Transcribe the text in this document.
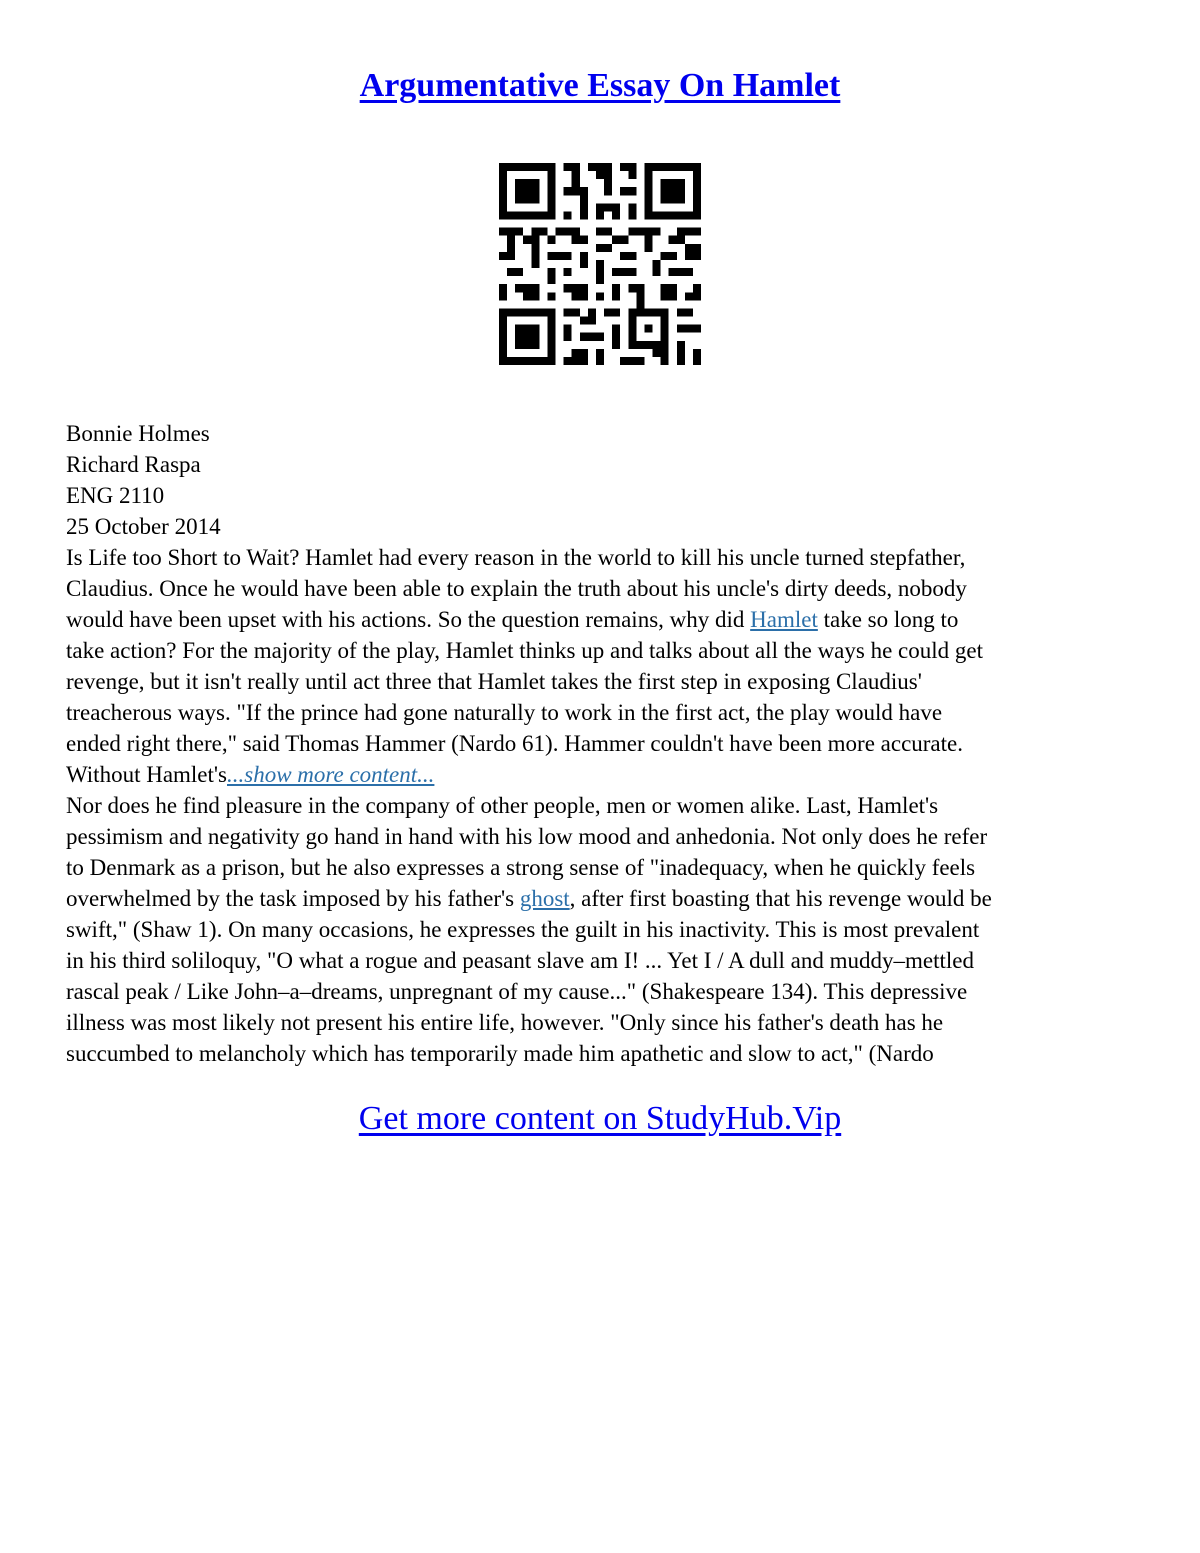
Argumentative Essay On Hamlet
Bonnie Holmes
Richard Raspa
ENG 2110
25 October 2014
Is Life too Short to Wait? Hamlet had every reason in the world to kill his uncle turned stepfather,
Claudius. Once he would have been able to explain the truth about his uncle's dirty deeds, nobody
would have been upset with his actions. So the question remains, why did Hamlet take so long to
take action? For the majority of the play, Hamlet thinks up and talks about all the ways he could get
revenge, but it isn't really until act three that Hamlet takes the first step in exposing Claudius'
treacherous ways. "If the prince had gone naturally to work in the first act, the play would have
ended right there," said Thomas Hammer (Nardo 61). Hammer couldn't have been more accurate.
Without Hamlet's...show more content...
Nor does he find pleasure in the company of other people, men or women alike. Last, Hamlet's
pessimism and negativity go hand in hand with his low mood and anhedonia. Not only does he refer
to Denmark as a prison, but he also expresses a strong sense of "inadequacy, when he quickly feels
overwhelmed by the task imposed by his father's ghost, after first boasting that his revenge would be
swift," (Shaw 1). On many occasions, he expresses the guilt in his inactivity. This is most prevalent
in his third soliloquy, "O what a rogue and peasant slave am I! ... Yet I / A dull and muddy–mettled
rascal peak / Like John–a–dreams, unpregnant of my cause..." (Shakespeare 134). This depressive
illness was most likely not present his entire life, however. "Only since his father's death has he
succumbed to melancholy which has temporarily made him apathetic and slow to act," (Nardo
Get more content on StudyHub.Vip
